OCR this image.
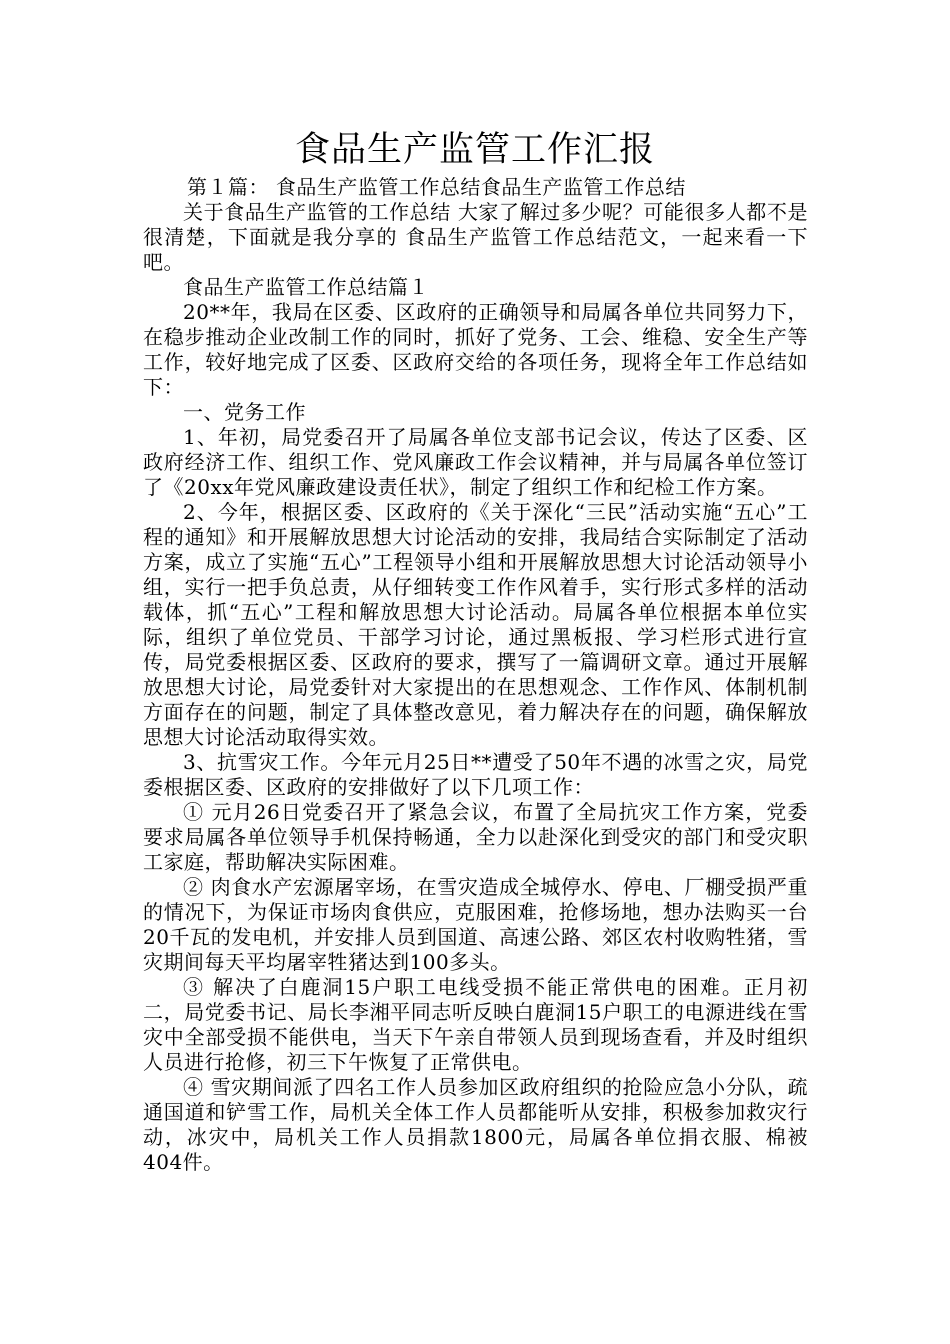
食品生产监管工作汇报

第１篇： 食品生产监管工作总结食品生产监管工作总结

关于食品生产监管的工作总结 大家了解过多少呢？可能很多人都不是很清楚，下面就是我分享的 食品生产监管工作总结范文，一起来看一下吧。

食品生产监管工作总结篇１

20**年，我局在区委、区政府的正确领导和局属各单位共同努力下，在稳步推动企业改制工作的同时，抓好了党务、工会、维稳、安全生产等工作，较好地完成了区委、区政府交给的各项任务，现将全年工作总结如下：

一、党务工作

1、年初，局党委召开了局属各单位支部书记会议，传达了区委、区政府经济工作、组织工作、党风廉政工作会议精神，并与局属各单位签订了《20xx年党风廉政建设责任状》，制定了组织工作和纪检工作方案。

2、今年，根据区委、区政府的《关于深化“三民”活动实施“五心”工程的通知》和开展解放思想大讨论活动的安排，我局结合实际制定了活动方案，成立了实施“五心”工程领导小组和开展解放思想大讨论活动领导小组，实行一把手负总责，从仔细转变工作作风着手，实行形式多样的活动载体，抓“五心”工程和解放思想大讨论活动。局属各单位根据本单位实际，组织了单位党员、干部学习讨论，通过黑板报、学习栏形式进行宣传，局党委根据区委、区政府的要求，撰写了一篇调研文章。通过开展解放思想大讨论，局党委针对大家提出的在思想观念、工作作风、体制机制方面存在的问题，制定了具体整改意见，着力解决存在的问题，确保解放思想大讨论活动取得实效。

3、抗雪灾工作。今年元月25日**遭受了50年不遇的冰雪之灾，局党委根据区委、区政府的安排做好了以下几项工作：

① 元月26日党委召开了紧急会议，布置了全局抗灾工作方案，党委要求局属各单位领导手机保持畅通，全力以赴深化到受灾的部门和受灾职工家庭，帮助解决实际困难。

② 肉食水产宏源屠宰场，在雪灾造成全城停水、停电、厂棚受损严重的情况下，为保证市场肉食供应，克服困难，抢修场地，想办法购买一台20千瓦的发电机，并安排人员到国道、高速公路、郊区农村收购牲猪，雪灾期间每天平均屠宰牲猪达到100多头。

③ 解决了白鹿洞15户职工电线受损不能正常供电的困难。正月初二，局党委书记、局长李湘平同志听反映白鹿洞15户职工的电源进线在雪灾中全部受损不能供电，当天下午亲自带领人员到现场查看，并及时组织人员进行抢修，初三下午恢复了正常供电。

④ 雪灾期间派了四名工作人员参加区政府组织的抢险应急小分队，疏通国道和铲雪工作，局机关全体工作人员都能听从安排，积极参加救灾行动，冰灾中，局机关工作人员捐款1800元，局属各单位捐衣服、棉被404件。
